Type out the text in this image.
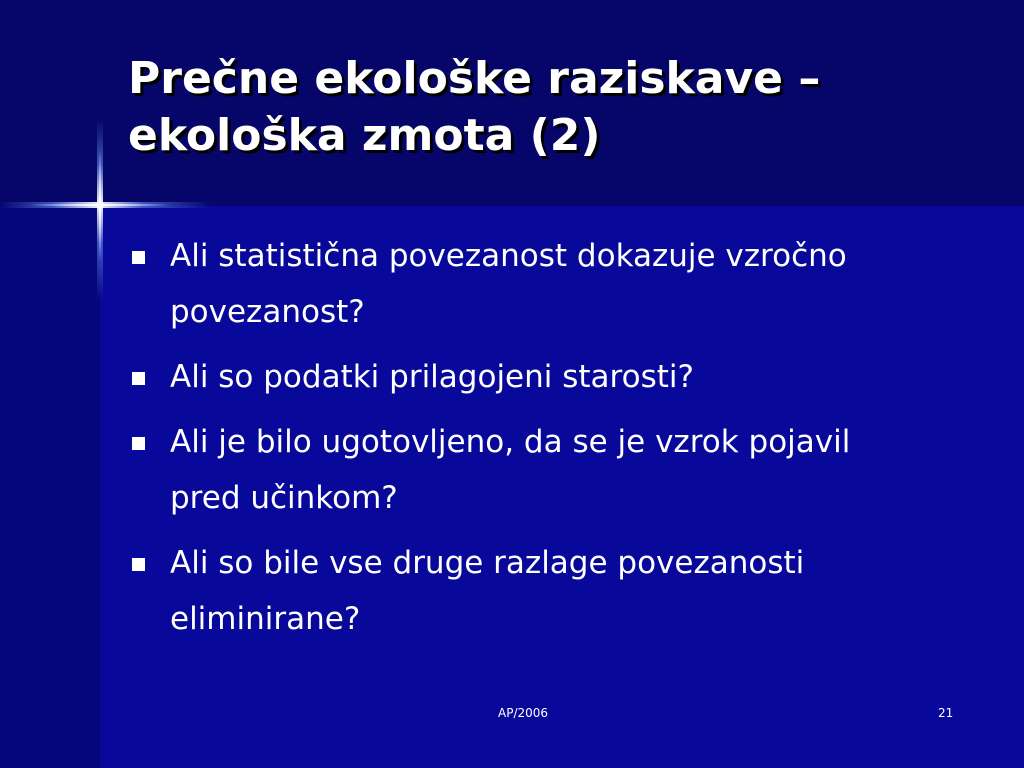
Prečne ekološke raziskave –
ekološka zmota (2)
Ali statistična povezanost dokazuje vzročno
povezanost?
Ali so podatki prilagojeni starosti?
Ali je bilo ugotovljeno, da se je vzrok pojavil
pred učinkom?
Ali so bile vse druge razlage povezanosti
eliminirane?
AP/2006	21
